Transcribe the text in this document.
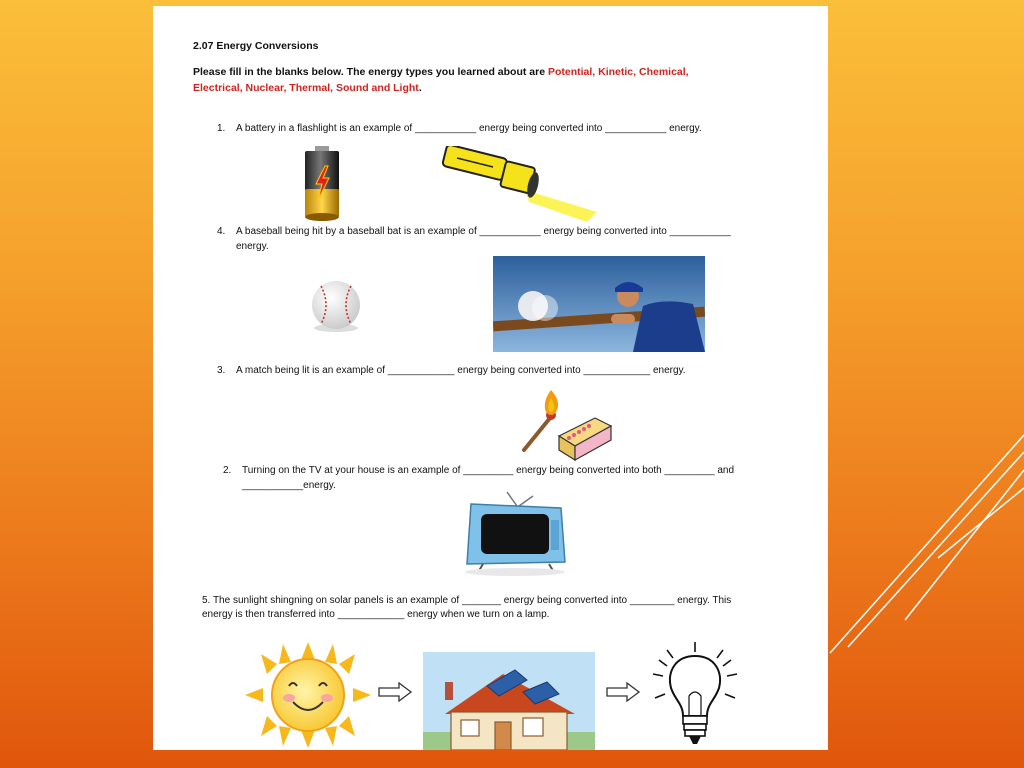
2.07 Energy Conversions

Please fill in the blanks below. The energy types you learned about are Potential, Kinetic, Chemical,
Electrical, Nuclear, Thermal, Sound and Light.

1. A battery in a flashlight is an example of ___________ energy being converted into ___________ energy.

4. A baseball being hit by a baseball bat is an example of ___________ energy being converted into ___________

energy.

3. A match being lit is an example of ____________ energy being converted into ____________ energy.

2. Turning on the TV at your house is an example of _________ energy being converted into both _________ and

___________energy.

5. The sunlight shingning on solar panels is an example of _______ energy being converted into ________ energy. This

energy is then transferred into ____________ energy when we turn on a lamp.
